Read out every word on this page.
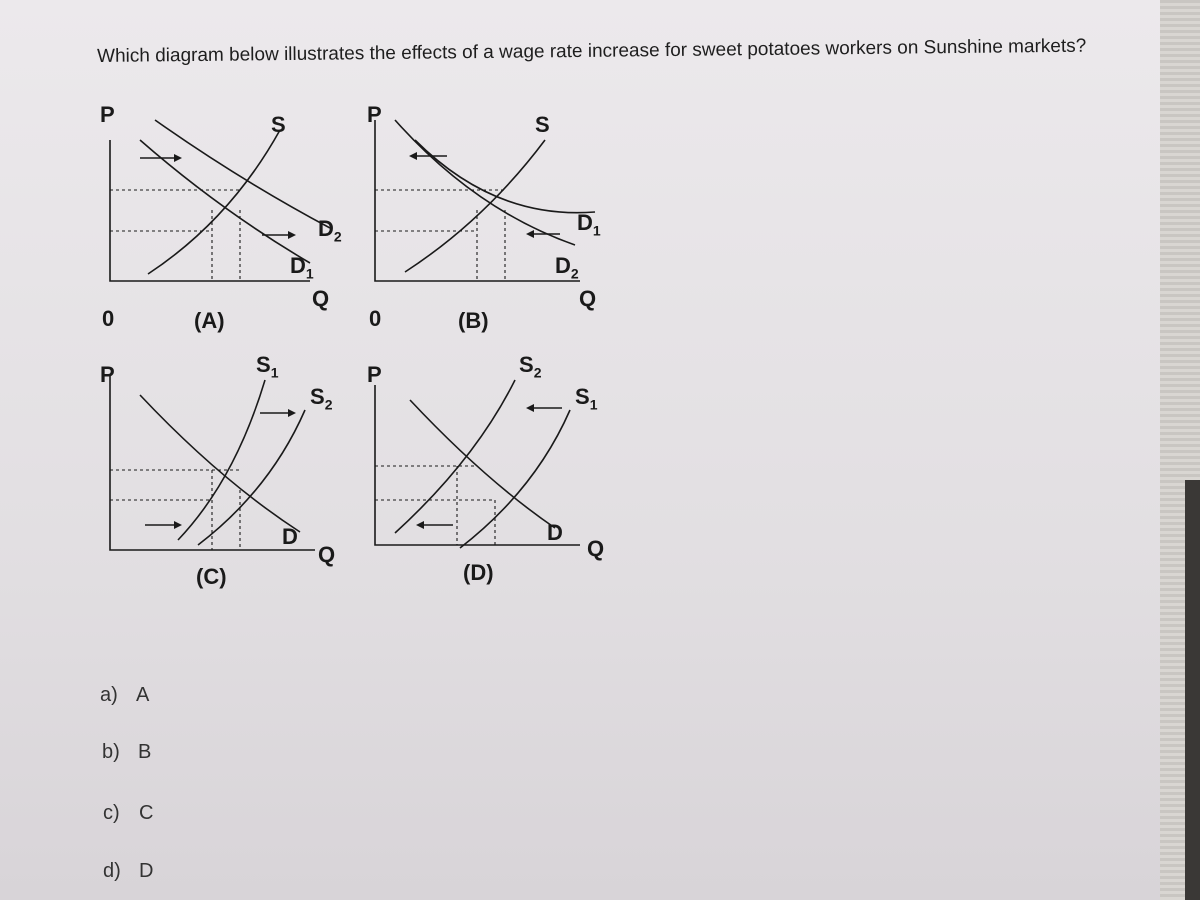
Which diagram below illustrates the effects of a wage rate increase for sweet potatoes workers on Sunshine markets?
P	S
$D_2$
$D_1$
Q
0	(A)
P	S
$D_1$
$D_2$
Q
0	(B)
P	$S_1$
$S_2$
D
Q
(C)
P	$S_2$
$S_1$
D
Q
(D)
a) A
b) B
c) C
d) D
